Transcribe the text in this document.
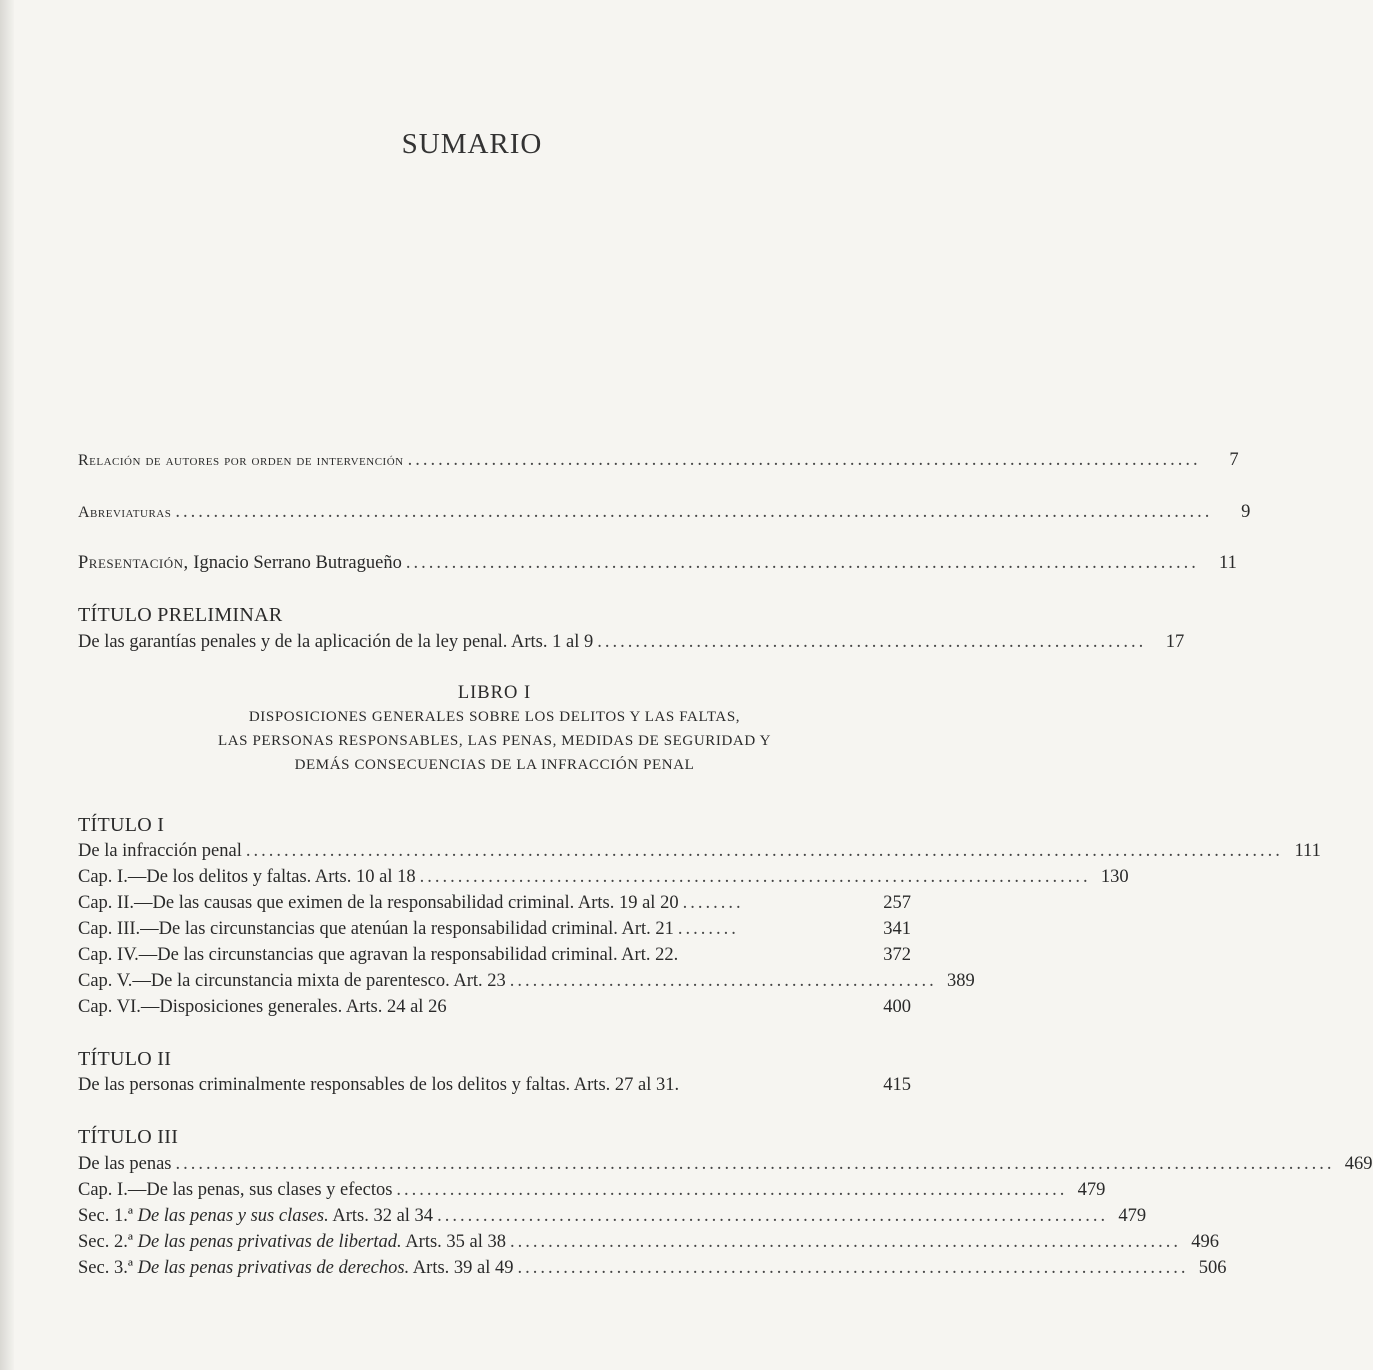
SUMARIO
Relación de autores por orden de intervención ........................................................................................................	7
Abreviaturas ........................................................................................................................................	9
Presentación, Ignacio Serrano Butragueño ........................................................................................................	11
TÍTULO PRELIMINAR
De las garantías penales y de la aplicación de la ley penal. Arts. 1 al 9 ........................................................................	17
LIBRO I
DISPOSICIONES GENERALES SOBRE LOS DELITOS Y LAS FALTAS,
LAS PERSONAS RESPONSABLES, LAS PENAS, MEDIDAS DE SEGURIDAD Y
DEMÁS CONSECUENCIAS DE LA INFRACCIÓN PENAL
TÍTULO I
De la infracción penal ........................................................................................................................................ 111
Cap. I.—De los delitos y faltas. Arts. 10 al 18 ........................................................................................ 130
Cap. II.—De las causas que eximen de la responsabilidad criminal. Arts. 19 al 20 ........	257
Cap. III.—De las circunstancias que atenúan la responsabilidad criminal. Art. 21 ........	341
Cap. IV.—De las circunstancias que agravan la responsabilidad criminal. Art. 22.	372
Cap. V.—De la circunstancia mixta de parentesco. Art. 23 ........................................................ 389
Cap. VI.—Disposiciones generales. Arts. 24 al 26	400
TÍTULO II
De las personas criminalmente responsables de los delitos y faltas. Arts. 27 al 31.	415
TÍTULO III
De las penas ........................................................................................................................................................ 469
Cap. I.—De las penas, sus clases y efectos ........................................................................................ 479
Sec. 1.ª De las penas y sus clases. Arts. 32 al 34 ........................................................................................ 479
Sec. 2.ª De las penas privativas de libertad. Arts. 35 al 38 ........................................................................................ 496
Sec. 3.ª De las penas privativas de derechos. Arts. 39 al 49 ........................................................................................ 506
